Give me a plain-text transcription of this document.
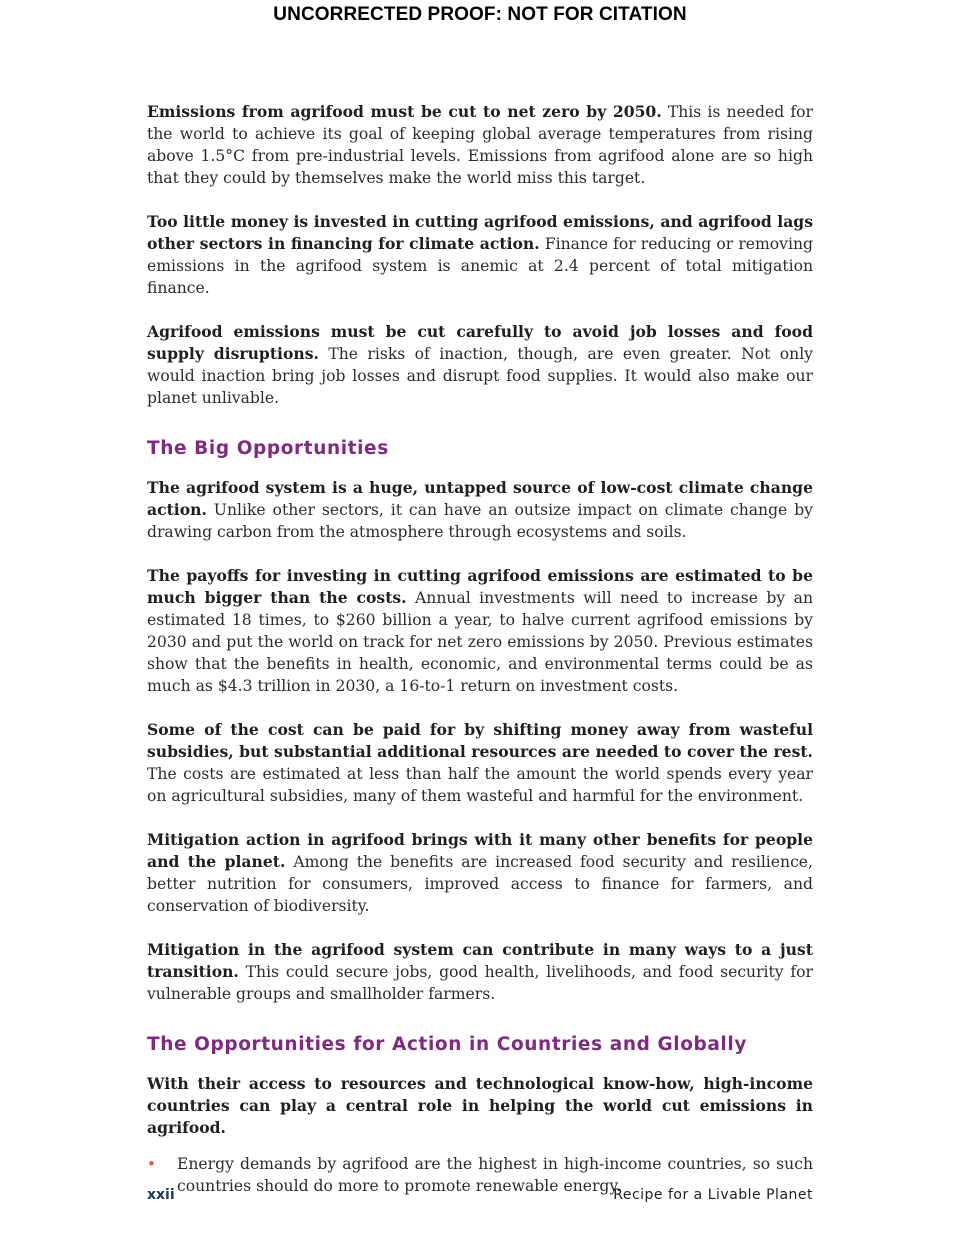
UNCORRECTED PROOF: NOT FOR CITATION

Emissions from agrifood must be cut to net zero by 2050. This is needed for the world to achieve its goal of keeping global average temperatures from rising above 1.5°C from pre-industrial levels. Emissions from agrifood alone are so high that they could by themselves make the world miss this target.

Too little money is invested in cutting agrifood emissions, and agrifood lags other sectors in financing for climate action. Finance for reducing or removing emissions in the agrifood system is anemic at 2.4 percent of total mitigation finance.

Agrifood emissions must be cut carefully to avoid job losses and food supply disruptions. The risks of inaction, though, are even greater. Not only would inaction bring job losses and disrupt food supplies. It would also make our planet unlivable.

The Big Opportunities

The agrifood system is a huge, untapped source of low-cost climate change action. Unlike other sectors, it can have an outsize impact on climate change by drawing carbon from the atmosphere through ecosystems and soils.

The payoffs for investing in cutting agrifood emissions are estimated to be much bigger than the costs. Annual investments will need to increase by an estimated 18 times, to $260 billion a year, to halve current agrifood emissions by 2030 and put the world on track for net zero emissions by 2050. Previous estimates show that the benefits in health, economic, and environmental terms could be as much as $4.3 trillion in 2030, a 16-to-1 return on investment costs.

Some of the cost can be paid for by shifting money away from wasteful subsidies, but substantial additional resources are needed to cover the rest. The costs are estimated at less than half the amount the world spends every year on agricultural subsidies, many of them wasteful and harmful for the environment.

Mitigation action in agrifood brings with it many other benefits for people and the planet. Among the benefits are increased food security and resilience, better nutrition for consumers, improved access to finance for farmers, and conservation of biodiversity.

Mitigation in the agrifood system can contribute in many ways to a just transition. This could secure jobs, good health, livelihoods, and food security for vulnerable groups and smallholder farmers.

The Opportunities for Action in Countries and Globally

With their access to resources and technological know-how, high-income countries can play a central role in helping the world cut emissions in agrifood.

• Energy demands by agrifood are the highest in high-income countries, so such countries should do more to promote renewable energy.
xxii	Recipe for a Livable Planet
